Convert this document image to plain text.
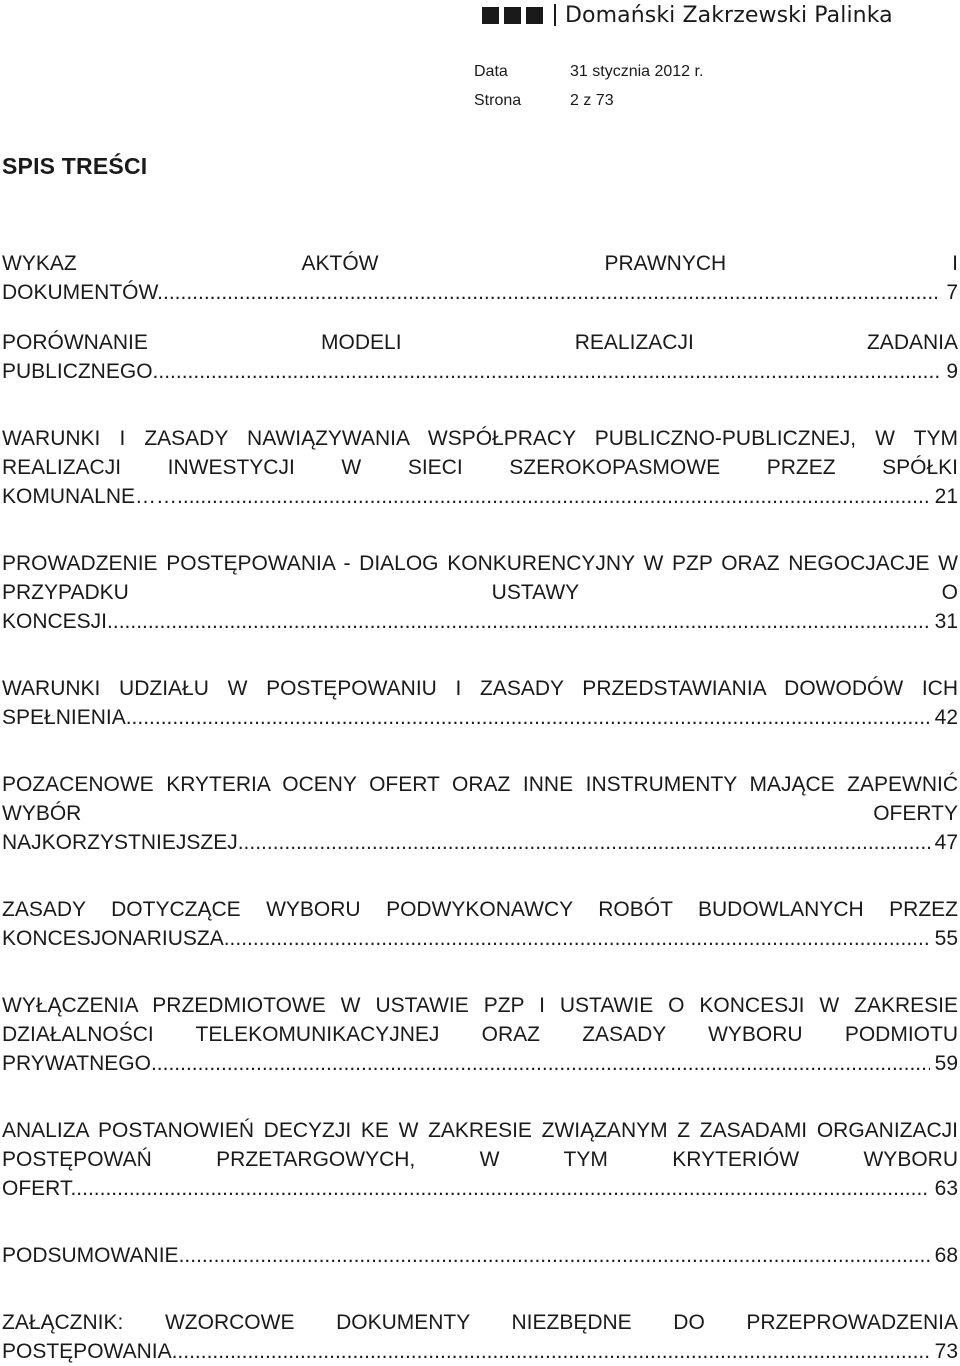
Domański Zakrzewski Palinka
Data	31 stycznia 2012 r.
Strona	2 z 73
SPIS TREŚCI
WYKAZ AKTÓW PRAWNYCH I DOKUMENTÓW .....	7
PORÓWNANIE MODELI REALIZACJI ZADANIA PUBLICZNEGO .....	9
WARUNKI I ZASADY NAWIĄZYWANIA WSPÓŁPRACY PUBLICZNO-PUBLICZNEJ, W TYM REALIZACJI INWESTYCJI W SIECI SZEROKOPASMOWE PRZEZ SPÓŁKI KOMUNALNE…… .....	21
PROWADZENIE POSTĘPOWANIA - DIALOG KONKURENCYJNY W PZP ORAZ NEGOCJACJE W PRZYPADKU USTAWY O KONCESJI .....	31
WARUNKI UDZIAŁU W POSTĘPOWANIU I ZASADY PRZEDSTAWIANIA DOWODÓW ICH SPEŁNIENIA .....	42
POZACENOWE KRYTERIA OCENY OFERT ORAZ INNE INSTRUMENTY MAJĄCE ZAPEWNIĆ WYBÓR OFERTY NAJKORZYSTNIEJSZEJ .....	47
ZASADY DOTYCZĄCE WYBORU PODWYKONAWCY ROBÓT BUDOWLANYCH PRZEZ KONCESJONARIUSZA .....	55
WYŁĄCZENIA PRZEDMIOTOWE W USTAWIE PZP I USTAWIE O KONCESJI W ZAKRESIE DZIAŁALNOŚCI TELEKOMUNIKACYJNEJ ORAZ ZASADY WYBORU PODMIOTU PRYWATNEGO .....	59
ANALIZA POSTANOWIEŃ DECYZJI KE W ZAKRESIE ZWIĄZANYM Z ZASADAMI ORGANIZACJI POSTĘPOWAŃ PRZETARGOWYCH, W TYM KRYTERIÓW WYBORU OFERT .....	63
PODSUMOWANIE .....	68
ZAŁĄCZNIK: WZORCOWE DOKUMENTY NIEZBĘDNE DO PRZEPROWADZENIA POSTĘPOWANIA .....	73
